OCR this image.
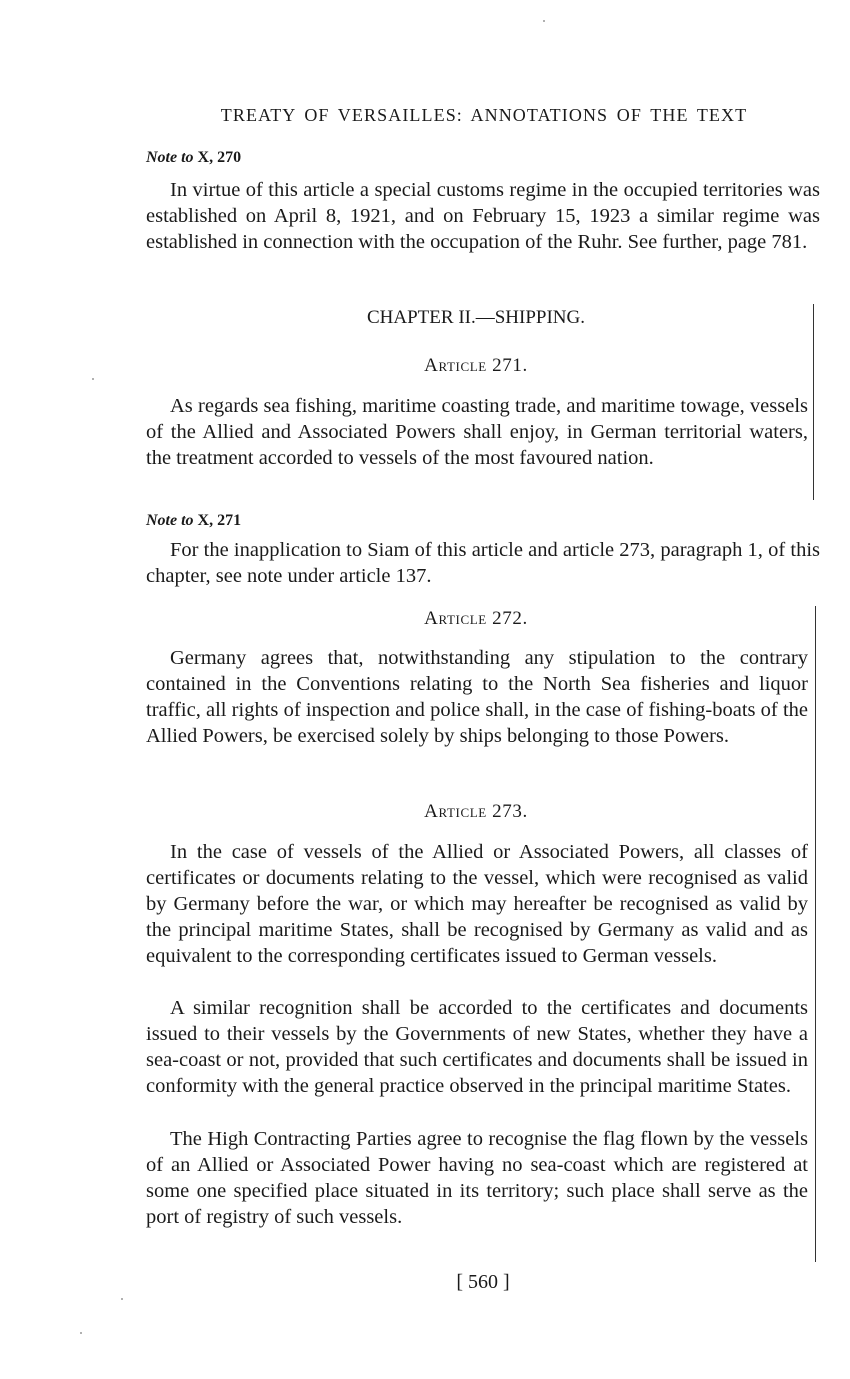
TREATY OF VERSAILLES: ANNOTATIONS OF THE TEXT

Note to X, 270

In virtue of this article a special customs regime in the occupied territories was established on April 8, 1921, and on February 15, 1923 a similar regime was established in connection with the occupation of the Ruhr. See further, page 781.

CHAPTER II.—SHIPPING.

Article 271.

As regards sea fishing, maritime coasting trade, and maritime towage, vessels of the Allied and Associated Powers shall enjoy, in German territorial waters, the treatment accorded to vessels of the most favoured nation.

Note to X, 271

For the inapplication to Siam of this article and article 273, paragraph 1, of this chapter, see note under article 137.

Article 272.

Germany agrees that, notwithstanding any stipulation to the contrary contained in the Conventions relating to the North Sea fisheries and liquor traffic, all rights of inspection and police shall, in the case of fishing-boats of the Allied Powers, be exercised solely by ships belonging to those Powers.

Article 273.

In the case of vessels of the Allied or Associated Powers, all classes of certificates or documents relating to the vessel, which were recognised as valid by Germany before the war, or which may hereafter be recognised as valid by the principal maritime States, shall be recognised by Germany as valid and as equivalent to the corresponding certificates issued to German vessels.

A similar recognition shall be accorded to the certificates and documents issued to their vessels by the Governments of new States, whether they have a sea-coast or not, provided that such certificates and documents shall be issued in conformity with the general practice observed in the principal maritime States.

The High Contracting Parties agree to recognise the flag flown by the vessels of an Allied or Associated Power having no sea-coast which are registered at some one specified place situated in its territory; such place shall serve as the port of registry of such vessels.

[ 560 ]
